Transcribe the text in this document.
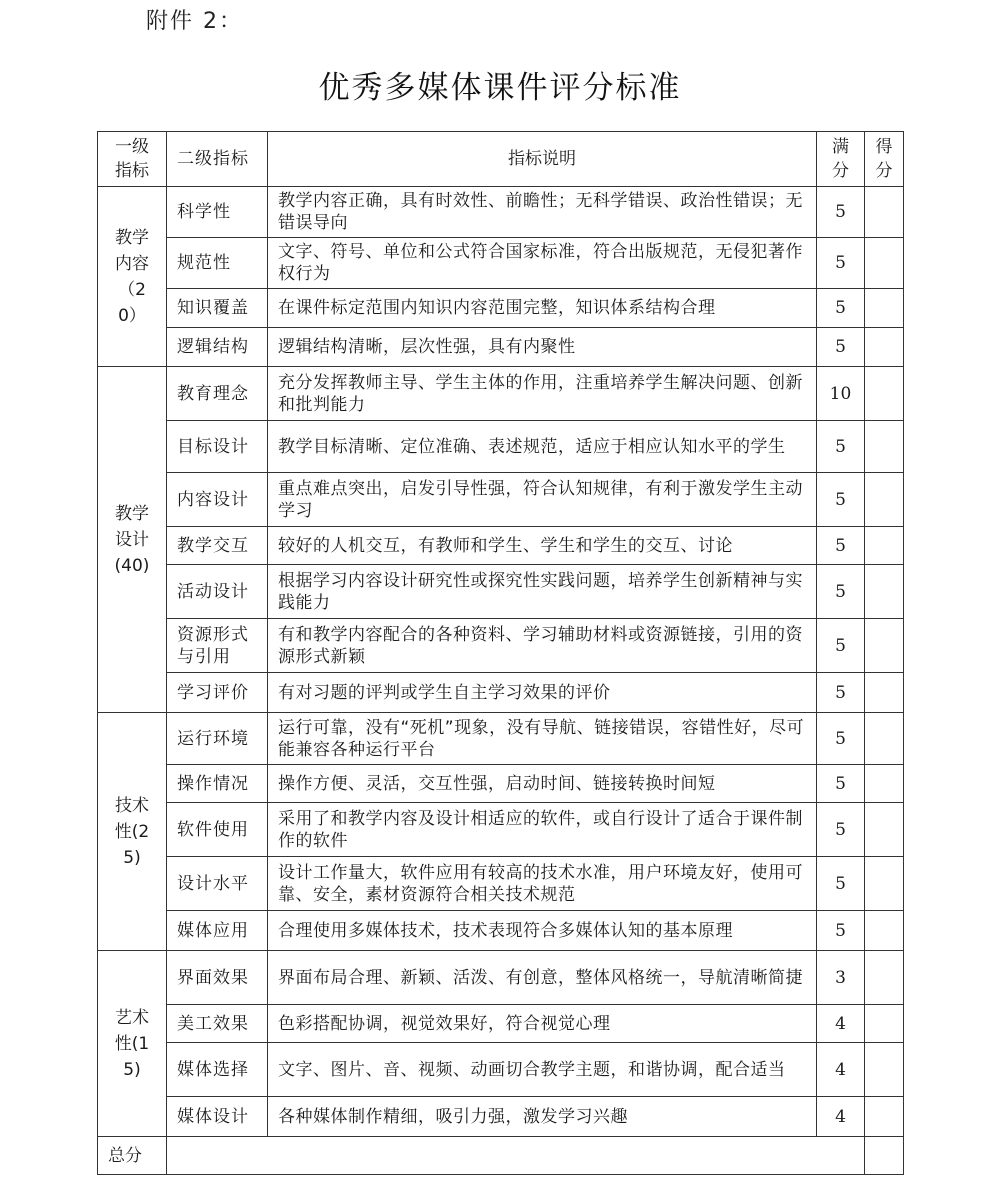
附件 2：
优秀多媒体课件评分标准
一级指标	二级指标	指标说明	满分	得分
教学内容（20）	科学性	教学内容正确，具有时效性、前瞻性；无科学错误、政治性错误；无错误导向	5	
	规范性	文字、符号、单位和公式符合国家标准，符合出版规范，无侵犯著作权行为	5	
	知识覆盖	在课件标定范围内知识内容范围完整，知识体系结构合理	5	
	逻辑结构	逻辑结构清晰，层次性强，具有内聚性	5	
教学设计(40)	教育理念	充分发挥教师主导、学生主体的作用，注重培养学生解决问题、创新和批判能力	10	
	目标设计	教学目标清晰、定位准确、表述规范，适应于相应认知水平的学生	5	
	内容设计	重点难点突出，启发引导性强，符合认知规律，有利于激发学生主动学习	5	
	教学交互	较好的人机交互，有教师和学生、学生和学生的交互、讨论	5	
	活动设计	根据学习内容设计研究性或探究性实践问题，培养学生创新精神与实践能力	5	
	资源形式与引用	有和教学内容配合的各种资料、学习辅助材料或资源链接，引用的资源形式新颖	5	
	学习评价	有对习题的评判或学生自主学习效果的评价	5	
技术性(25)	运行环境	运行可靠，没有“死机”现象，没有导航、链接错误，容错性好，尽可能兼容各种运行平台	5	
	操作情况	操作方便、灵活，交互性强，启动时间、链接转换时间短	5	
	软件使用	采用了和教学内容及设计相适应的软件，或自行设计了适合于课件制作的软件	5	
	设计水平	设计工作量大，软件应用有较高的技术水准，用户环境友好，使用可靠、安全，素材资源符合相关技术规范	5	
	媒体应用	合理使用多媒体技术，技术表现符合多媒体认知的基本原理	5	
艺术性(15)	界面效果	界面布局合理、新颖、活泼、有创意，整体风格统一，导航清晰简捷	3	
	美工效果	色彩搭配协调，视觉效果好，符合视觉心理	4	
	媒体选择	文字、图片、音、视频、动画切合教学主题，和谐协调，配合适当	4	
	媒体设计	各种媒体制作精细，吸引力强，激发学习兴趣	4	
总分				
